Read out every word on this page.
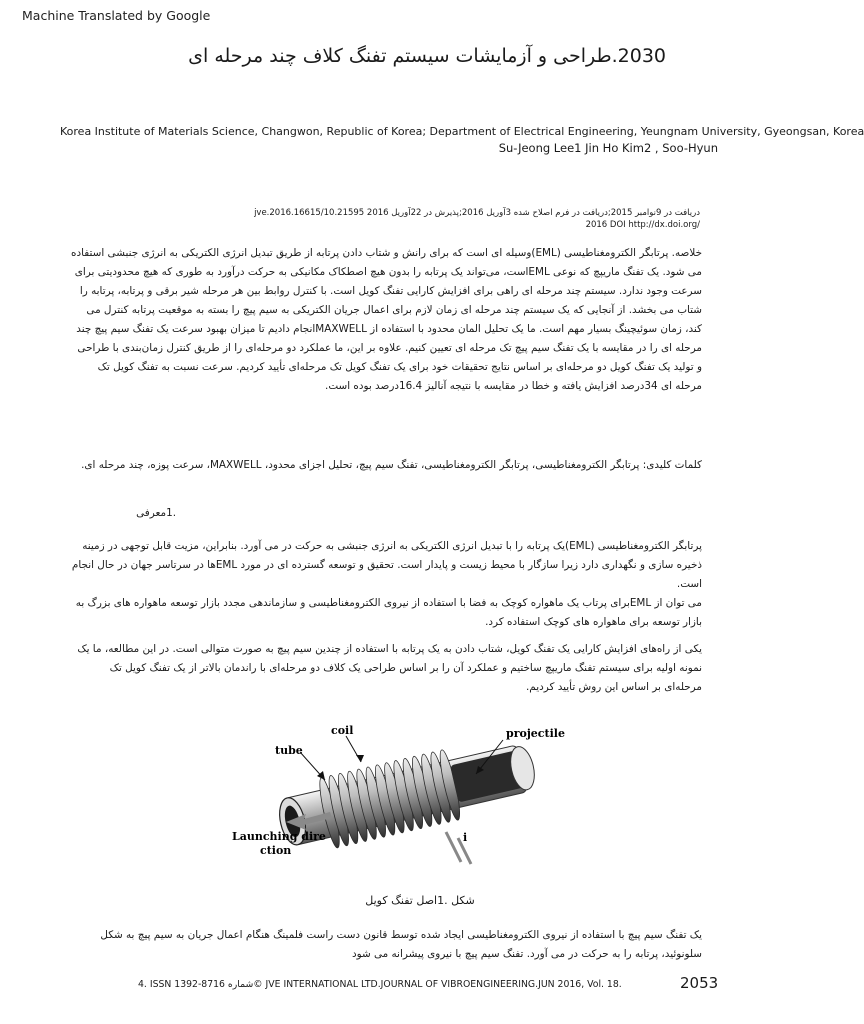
Machine Translated by Google
2030.طراحی و آزمایشات سیستم تفنگ کلاف چند مرحله ای
Korea Institute of Materials Science, Changwon, Republic of Korea; Department of Electrical Engineering, Yeungnam University, Gyeongsan, Korea
Su-Jeong Lee1 Jin Ho Kim2 , Soo-Hyun
دریافت در 9نوامبر 2015;دریافت در فرم اصلاح شده 3آوریل 2016;پذیرش در 22آوریل 2016 10.21595/jve.2016.16615
2016 DOI http://dx.doi.org/
خلاصه. پرتابگر الکترومغناطیسی (EML)وسیله ای است که برای رانش و شتاب دادن پرتابه از طریق تبدیل انرژی الکتریکی به انرژی جنبشی استفاده می شود. یک تفنگ ماریپچ که نوعی EMLاست، می‌تواند یک پرتابه را بدون هیچ اصطکاک مکانیکی به حرکت درآورد به طوری که هیچ محدودیتی برای سرعت وجود ندارد. سیستم چند مرحله ای راهی برای افزایش کارایی تفنگ کویل است. با کنترل روابط بین هر مرحله شیر برقی و پرتابه، پرتابه را شتاب می بخشد. از آنجایی که یک سیستم چند مرحله ای زمان لازم برای اعمال جریان الکتریکی به سیم پیچ را بسته به موقعیت پرتابه کنترل می کند، زمان سوئیچینگ بسیار مهم است. ما یک تحلیل المان محدود با استفاده از MAXWELLانجام دادیم تا میزان بهبود سرعت یک تفنگ سیم پیچ چند مرحله ای را در مقایسه با یک تفنگ سیم پیچ تک مرحله ای تعیین کنیم. علاوه بر این، ما عملکرد دو مرحله‌ای را از طریق کنترل زمان‌بندی با طراحی و تولید یک تفنگ کویل دو مرحله‌ای بر اساس نتایج تحقیقات خود برای یک تفنگ کویل تک مرحله‌ای تأیید کردیم. سرعت نسبت به تفنگ کویل تک مرحله ای 34درصد افزایش یافته و خطا در مقایسه با نتیجه آنالیز 16.4درصد بوده است.
کلمات کلیدی: پرتابگر الکترومغناطیسی، پرتابگر الکترومغناطیسی، تفنگ سیم پیچ، تحلیل اجزای محدود، MAXWELL، سرعت پوزه، چند مرحله ای.
.1معرفی
پرتابگر الکترومغناطیسی (EML)یک پرتابه را با تبدیل انرژی الکتریکی به انرژی جنبشی به حرکت در می آورد. بنابراین، مزیت قابل توجهی در زمینه ذخیره سازی و نگهداری دارد زیرا سازگار با محیط زیست و پایدار است. تحقیق و توسعه گسترده ای در مورد EMLها در سرتاسر جهان در حال انجام است.
می توان از EMLبرای پرتاب یک ماهواره کوچک به فضا با استفاده از نیروی الکترومغناطیسی و سازماندهی مجدد بازار توسعه ماهواره های بزرگ به بازار توسعه برای ماهواره های کوچک استفاده کرد.
یکی از راه‌های افزایش کارایی یک تفنگ کویل، شتاب دادن به یک پرتابه با استفاده از چندین سیم پیچ به صورت متوالی است. در این مطالعه، ما یک نمونه اولیه برای سیستم تفنگ ماریپچ ساختیم و عملکرد آن را بر اساس طراحی یک کلاف دو مرحله‌ای با راندمان بالاتر از یک تفنگ کویل تک مرحله‌ای بر اساس این روش تأیید کردیم.
coil	projectile
tube
Launching dire
ction
i
شکل .1اصل تفنگ کویل
یک تفنگ سیم پیچ با استفاده از نیروی الکترومغناطیسی ایجاد شده توسط قانون دست راست فلمینگ هنگام اعمال جریان به سیم پیچ به شکل سلونوئید، پرتابه را به حرکت در می آورد. تفنگ سیم پیچ با نیروی پیشرانه می شود
4. ISSN 1392-8716 شماره© JVE INTERNATIONAL LTD.JOURNAL OF VIBROENGINEERING.JUN 2016, Vol. 18.	2053
